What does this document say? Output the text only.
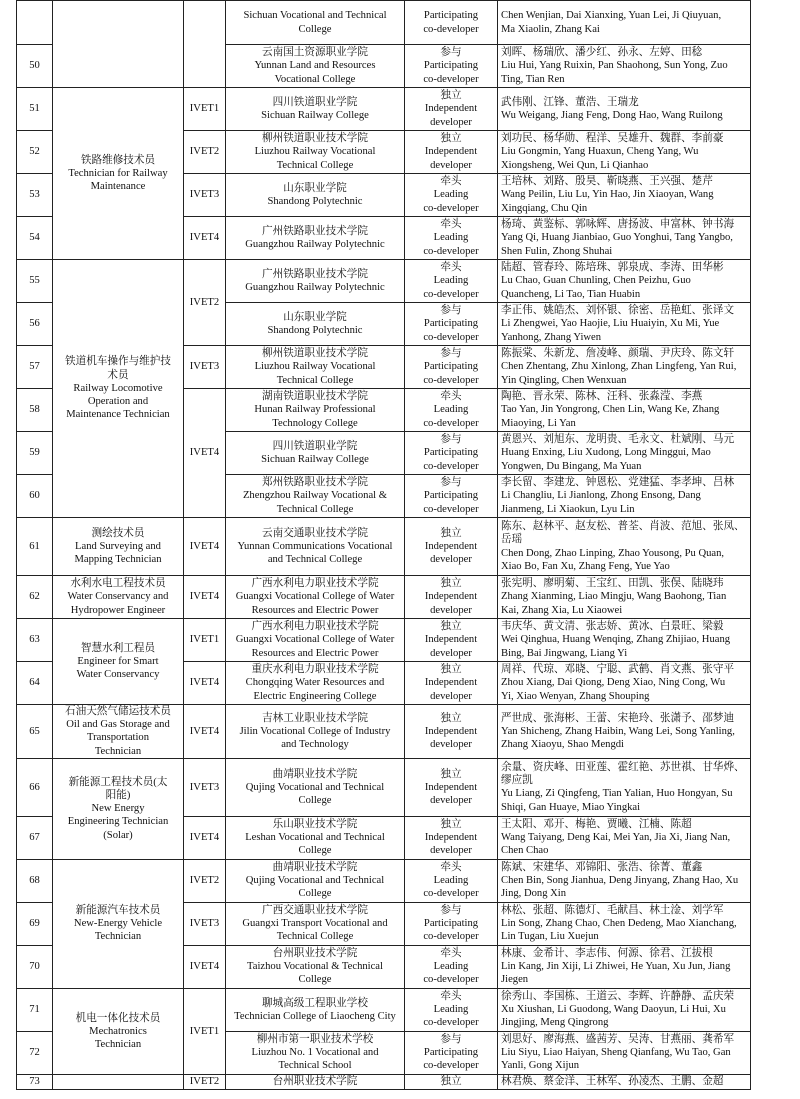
			Sichuan Vocational and Technical
College	Participating
co-developer	Chen Wenjian, Dai Xianxing, Yuan Lei, Ji Qiuyuan,
Ma Xiaolin, Zhang Kai

50			云南国土资源职业学院
Yunnan Land and Resources
Vocational College	参与
Participating
co-developer	刘晖、杨瑞欣、潘少红、孙永、左婷、田稔
Liu Hui, Yang Ruixin, Pan Shaohong, Sun Yong, Zuo
Ting, Tian Ren

51	铁路维修技术员
Technician for Railway
Maintenance	IVET1	四川铁道职业学院
Sichuan Railway College	独立
Independent
developer	武伟刚、江锋、董浩、王瑞龙
Wu Weigang, Jiang Feng, Dong Hao, Wang Ruilong

52		IVET2	柳州铁道职业技术学院
Liuzhou Railway Vocational
Technical College	独立
Independent
developer	刘功民、杨华勋、程洋、吴雄升、魏群、李前豪
Liu Gongmin, Yang Huaxun, Cheng Yang, Wu
Xiongsheng, Wei Qun, Li Qianhao

53		IVET3	山东职业学院
Shandong Polytechnic	牵头
Leading
co-developer	王培林、刘路、殷昊、靳晓燕、王兴强、楚芹
Wang Peilin, Liu Lu, Yin Hao, Jin Xiaoyan, Wang
Xingqiang, Chu Qin

54		IVET4	广州铁路职业技术学院
Guangzhou Railway Polytechnic	牵头
Leading
co-developer	杨琦、黄鉴标、郭咏辉、唐扬波、申富林、钟书海
Yang Qi, Huang Jianbiao, Guo Yonghui, Tang Yangbo,
Shen Fulin, Zhong Shuhai

55	铁道机车操作与维护技
术员
Railway Locomotive
Operation and
Maintenance Technician	IVET2	广州铁路职业技术学院
Guangzhou Railway Polytechnic	牵头
Leading
co-developer	陆超、管春玲、陈培珠、郭泉成、李涛、田华彬
Lu Chao, Guan Chunling, Chen Peizhu, Guo
Quancheng, Li Tao, Tian Huabin

56			山东职业学院
Shandong Polytechnic	参与
Participating
co-developer	李正伟、姚皓杰、刘怀银、徐密、岳艳虹、张译文
Li Zhengwei, Yao Haojie, Liu Huaiyin, Xu Mi, Yue
Yanhong, Zhang Yiwen

57		IVET3	柳州铁道职业技术学院
Liuzhou Railway Vocational
Technical College	参与
Participating
co-developer	陈振棠、朱新龙、詹凌峰、颜瑞、尹庆玲、陈文轩
Chen Zhentang, Zhu Xinlong, Zhan Lingfeng, Yan Rui,
Yin Qingling, Chen Wenxuan

58		IVET4	湖南铁道职业技术学院
Hunan Railway Professional
Technology College	牵头
Leading
co-developer	陶艳、晋永荣、陈林、汪科、张淼滢、李燕
Tao Yan, Jin Yongrong, Chen Lin, Wang Ke, Zhang
Miaoying, Li Yan

59			四川铁道职业学院
Sichuan Railway College	参与
Participating
co-developer	黄恩兴、刘旭东、龙明贵、毛永文、杜斌刚、马元
Huang Enxing, Liu Xudong, Long Minggui, Mao
Yongwen, Du Bingang, Ma Yuan

60			郑州铁路职业技术学院
Zhengzhou Railway Vocational &
Technical College	参与
Participating
co-developer	李长留、李建龙、钟恩松、党建猛、李孝坤、吕林
Li Changliu, Li Jianlong, Zhong Ensong, Dang
Jianmeng, Li Xiaokun, Lyu Lin

61	测绘技术员
Land Surveying and
Mapping Technician	IVET4	云南交通职业技术学院
Yunnan Communications Vocational
and Technical College	独立
Independent
developer	陈东、赵林平、赵友松、普荃、肖波、范旭、张凤、
岳瑶
Chen Dong, Zhao Linping, Zhao Yousong, Pu Quan,
Xiao Bo, Fan Xu, Zhang Feng, Yue Yao

62	水利水电工程技术员
Water Conservancy and
Hydropower Engineer	IVET4	广西水利电力职业技术学院
Guangxi Vocational College of Water
Resources and Electric Power	独立
Independent
developer	张宪明、廖明菊、王宝红、田凯、张俣、陆晓玮
Zhang Xianming, Liao Mingju, Wang Baohong, Tian
Kai, Zhang Xia, Lu Xiaowei

63	智慧水利工程员
Engineer for Smart
Water Conservancy	IVET1	广西水利电力职业技术学院
Guangxi Vocational College of Water
Resources and Electric Power	独立
Independent
developer	韦庆华、黄文清、张志娇、黄冰、白景旺、梁毅
Wei Qinghua, Huang Wenqing, Zhang Zhijiao, Huang
Bing, Bai Jingwang, Liang Yi

64		IVET4	重庆水利电力职业技术学院
Chongqing Water Resources and
Electric Engineering College	独立
Independent
developer	周祥、代琼、邓晓、宁聪、武鹤、肖文燕、张守平
Zhou Xiang, Dai Qiong, Deng Xiao, Ning Cong, Wu
Yi, Xiao Wenyan, Zhang Shouping

65	石油天然气储运技术员
Oil and Gas Storage and
Transportation
Technician	IVET4	吉林工业职业技术学院
Jilin Vocational College of Industry
and Technology	独立
Independent
developer	严世成、张海彬、王蕾、宋艳玲、张潇予、邵梦迪
Yan Shicheng, Zhang Haibin, Wang Lei, Song Yanling,
Zhang Xiaoyu, Shao Mengdi

66	新能源工程技术员(太
阳能)
New Energy
Engineering Technician
(Solar)	IVET3	曲靖职业技术学院
Qujing Vocational and Technical
College	独立
Independent
developer	余量、资庆峰、田亚莲、霍红艳、苏世祺、甘华烨、
缪应凯
Yu Liang, Zi Qingfeng, Tian Yalian, Huo Hongyan, Su
Shiqi, Gan Huaye, Miao Yingkai

67		IVET4	乐山职业技术学院
Leshan Vocational and Technical
College	独立
Independent
developer	王太阳、邓开、梅艳、贾曦、江楠、陈超
Wang Taiyang, Deng Kai, Mei Yan, Jia Xi, Jiang Nan,
Chen Chao

68	新能源汽车技术员
New-Energy Vehicle
Technician	IVET2	曲靖职业技术学院
Qujing Vocational and Technical
College	牵头
Leading
co-developer	陈斌、宋建华、邓锦阳、张浩、徐菁、董鑫
Chen Bin, Song Jianhua, Deng Jinyang, Zhang Hao, Xu
Jing, Dong Xin

69		IVET3	广西交通职业技术学院
Guangxi Transport Vocational and
Technical College	参与
Participating
co-developer	林松、张超、陈德灯、毛献昌、林土淦、刘学军
Lin Song, Zhang Chao, Chen Dedeng, Mao Xianchang,
Lin Tugan, Liu Xuejun

70		IVET4	台州职业技术学院
Taizhou Vocational & Technical
College	牵头
Leading
co-developer	林康、金希计、李志伟、何源、徐君、江拔根
Lin Kang, Jin Xiji, Li Zhiwei, He Yuan, Xu Jun, Jiang
Jiegen

71	机电一体化技术员
Mechatronics
Technician	IVET1	聊城高级工程职业学校
Technician College of Liaocheng City	牵头
Leading
co-developer	徐秀山、李国栋、王道云、李辉、许静静、孟庆荣
Xu Xiushan, Li Guodong, Wang Daoyun, Li Hui, Xu
Jingjing, Meng Qingrong

72			柳州市第一职业技术学校
Liuzhou No. 1 Vocational and
Technical School	参与
Participating
co-developer	刘思好、廖海燕、盛茜芳、吴涛、甘燕丽、龚希军
Liu Siyu, Liao Haiyan, Sheng Qianfang, Wu Tao, Gan
Yanli, Gong Xijun

73		IVET2	台州职业技术学院	独立	林君焕、蔡金洋、王林军、孙凌杰、王鹏、金超
